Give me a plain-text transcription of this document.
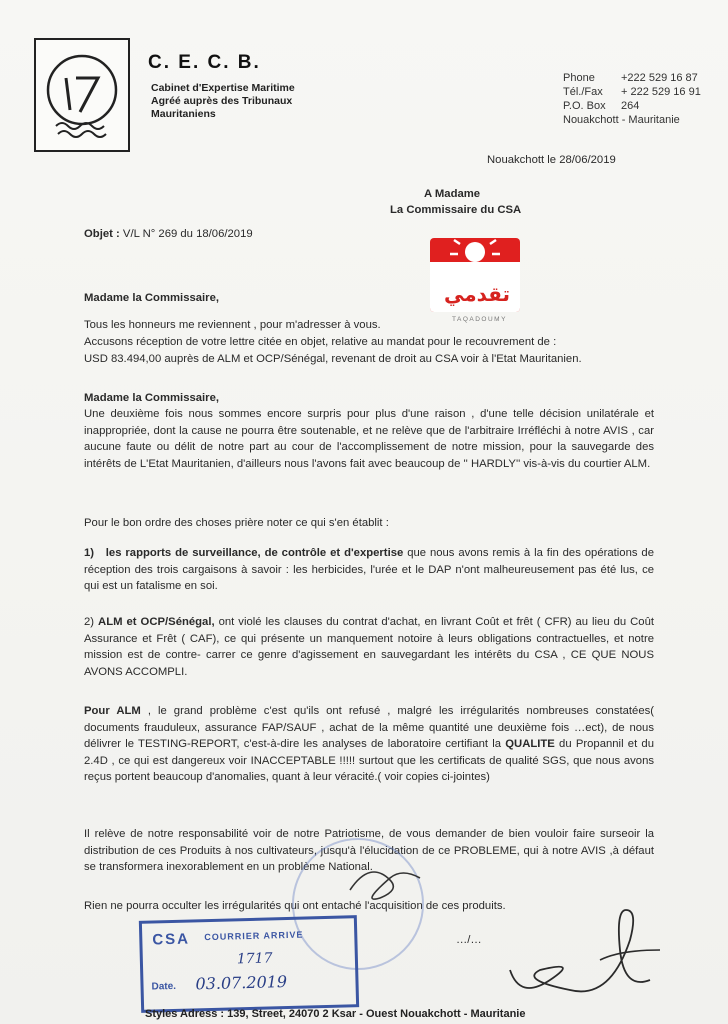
C. E. C. B.
Cabinet d'Expertise Maritime
Agréé auprès des Tribunaux
Mauritaniens
Phone +222 529 16 87
Tél./Fax + 222 529 16 91
P.O. Box 264
Nouakchott - Mauritanie
Nouakchott le 28/06/2019
A Madame
La Commissaire du CSA
Objet : V/L N° 269 du 18/06/2019
تقدمي
TAQADOUMY
Madame la Commissaire,
Tous les honneurs me reviennent , pour m'adresser à vous.
Accusons réception de votre lettre citée en objet, relative au mandat pour le recouvrement de :
USD 83.494,00 auprès de ALM et OCP/Sénégal, revenant de droit au CSA voir à l'Etat Mauritanien.
Madame la Commissaire,
Une deuxième fois nous sommes encore surpris pour plus d'une raison , d'une telle décision unilatérale et inappropriée, dont la cause ne pourra être soutenable, et ne relève que de l'arbitraire Irréfléchi à notre AVIS , car aucune faute ou délit de notre part au cour de l'accomplissement de notre mission, pour la sauvegarde des intérêts de L'Etat Mauritanien, d'ailleurs nous l'avons fait avec beaucoup de '' HARDLY'' vis-à-vis du courtier ALM.
Pour le bon ordre des choses prière noter ce qui s'en établit :
1) les rapports de surveillance, de contrôle et d'expertise que nous avons remis à la fin des opérations de réception des trois cargaisons à savoir : les herbicides, l'urée et le DAP n'ont malheureusement pas été lus, ce qui est un fatalisme en soi.
2) ALM et OCP/Sénégal, ont violé les clauses du contrat d'achat, en livrant Coût et frêt ( CFR) au lieu du Coût Assurance et Frêt ( CAF), ce qui présente un manquement notoire à leurs obligations contractuelles, et notre mission est de contre- carrer ce genre d'agissement en sauvegardant les intérêts du CSA , CE QUE NOUS AVONS ACCOMPLI.
Pour ALM , le grand problème c'est qu'ils ont refusé , malgré les irrégularités nombreuses constatées( documents frauduleux, assurance FAP/SAUF , achat de la même quantité une deuxième fois …ect), de nous délivrer le TESTING-REPORT, c'est-à-dire les analyses de laboratoire certifiant la QUALITE du Propannil et du 2.4D , ce qui est dangereux voir INACCEPTABLE !!!!! surtout que les certificats de qualité SGS, que nous avons reçus portent beaucoup d'anomalies, quant à leur véracité.( voir copies ci-jointes)
Il relève de notre responsabilité voir de notre Patriotisme, de vous demander de bien vouloir faire surseoir la distribution de ces Produits à nos cultivateurs, jusqu'à l'élucidation de ce PROBLEME, qui à notre AVIS ,à défaut se transformera inexorablement en un problème National.
Rien ne pourra occulter les irrégularités qui ont entaché l'acquisition de ces produits.
…/…
CSA COURRIER ARRIVE
1717
Date. 03.07.2019
Styles Adress : 139, Street, 24070 2 Ksar - Ouest Nouakchott - Mauritanie
